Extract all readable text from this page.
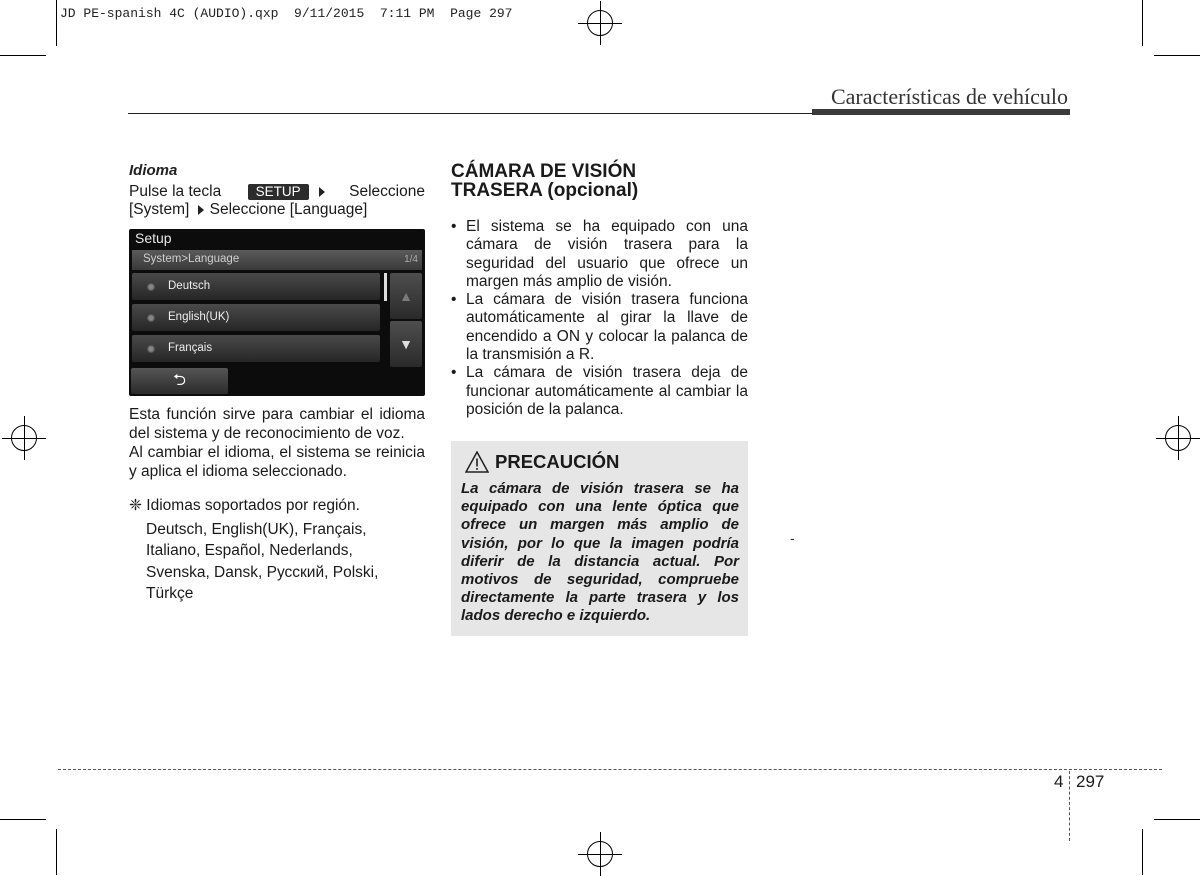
JD PE-spanish 4C (AUDIO).qxp  9/11/2015  7:11 PM  Page 297
Características de vehículo
Idioma
Pulse la tecla	SETUP	Seleccione
[System] Seleccione [Language]
Setup
System>Language	1/4
Deutsch
English(UK)
Français
▲
▼
⮌

Esta función sirve para cambiar el idioma del sistema y de reconocimiento de voz.

Al cambiar el idioma, el sistema se reinicia y aplica el idioma seleccionado.

❈ Idiomas soportados por región.

Deutsch, English(UK), Français,
Italiano, Español, Nederlands,
Svenska, Dansk, Русский, Polski,
Türkçe
CÁMARA DE VISIÓN
TRASERA (opcional)
• El sistema se ha equipado con una cámara de visión trasera para la seguridad del usuario que ofrece un margen más amplio de visión.
• La cámara de visión trasera funciona automáticamente al girar la llave de encendido a ON y colocar la palanca de la transmisión a R.
• La cámara de visión trasera deja de funcionar automáticamente al cambiar la posición de la palanca.
PRECAUCIÓN
La cámara de visión trasera se ha equipado con una lente óptica que ofrece un margen más amplio de visión, por lo que la imagen podría diferir de la distancia actual. Por motivos de seguridad, compruebe directamente la parte trasera y los lados derecho e izquierdo.
-
4 297
